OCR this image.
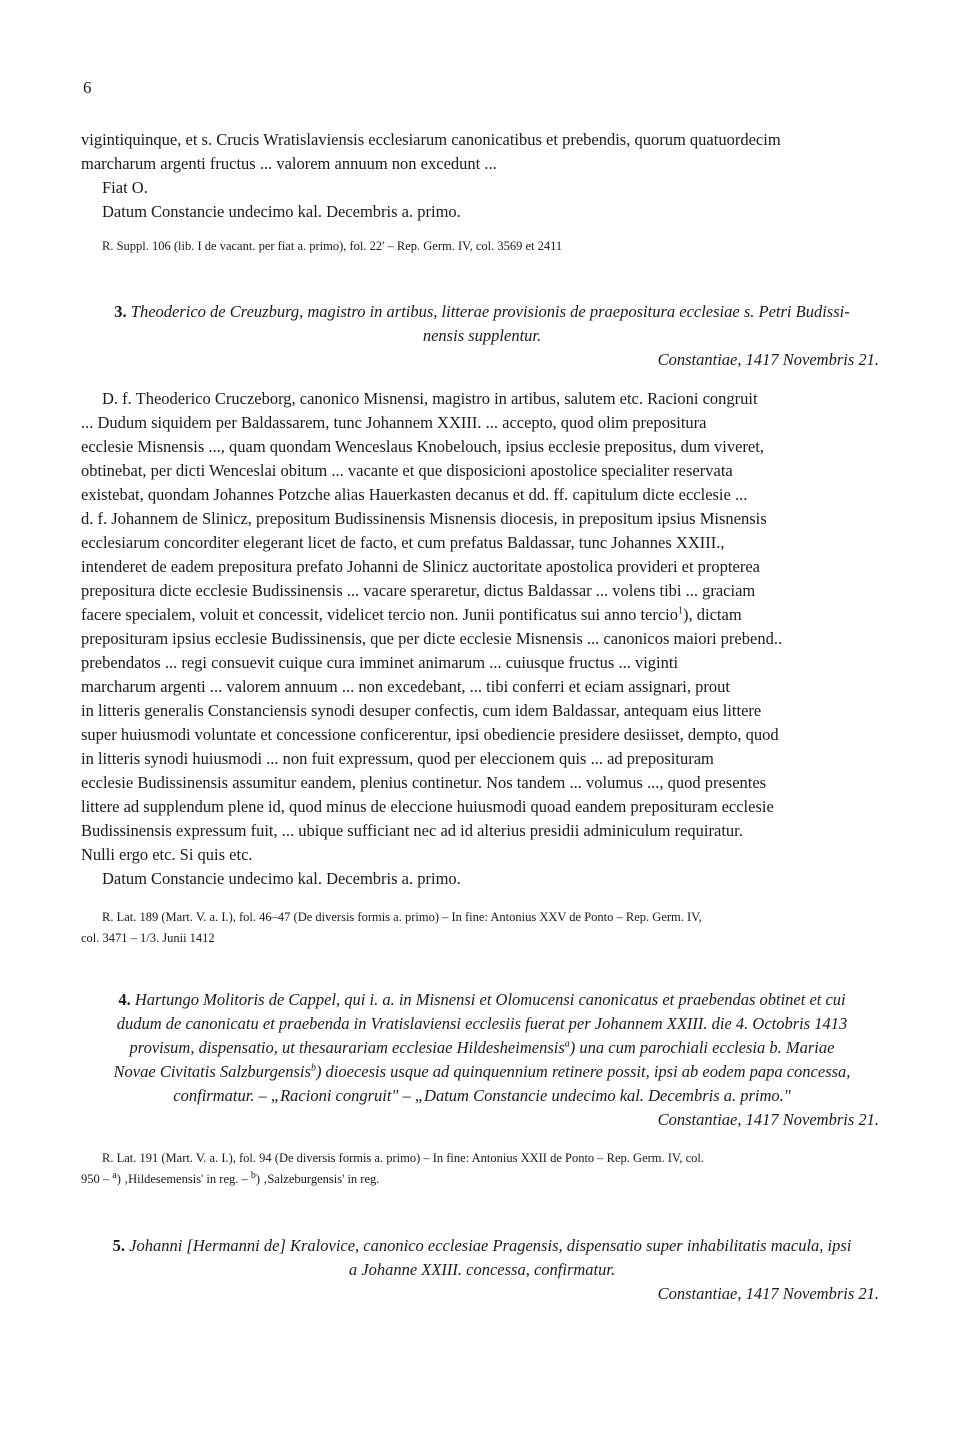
6

vigintiquinque, et s. Crucis Wratislaviensis ecclesiarum canonicatibus et prebendis, quorum quatuordecim

marcharum argenti fructus ... valorem annuum non excedunt ...

Fiat O.

Datum Constancie undecimo kal. Decembris a. primo.

R. Suppl. 106 (lib. I de vacant. per fiat a. primo), fol. 22' – Rep. Germ. IV, col. 3569 et 2411

3. Theoderico de Creuzburg, magistro in artibus, litterae provisionis de praepositura ecclesiae s. Petri Budissi-

nensis supplentur.

Constantiae, 1417 Novembris 21.

D. f. Theoderico Cruczeborg, canonico Misnensi, magistro in artibus, salutem etc. Racioni congruit

... Dudum siquidem per Baldassarem, tunc Johannem XXIII. ... accepto, quod olim prepositura

ecclesie Misnensis ..., quam quondam Wenceslaus Knobelouch, ipsius ecclesie prepositus, dum viveret,

obtinebat, per dicti Wenceslai obitum ... vacante et que disposicioni apostolice specialiter reservata

existebat, quondam Johannes Potzche alias Hauerkasten decanus et dd. ff. capitulum dicte ecclesie ...

d. f. Johannem de Slinicz, prepositum Budissinensis Misnensis diocesis, in prepositum ipsius Misnensis

ecclesiarum concorditer elegerant licet de facto, et cum prefatus Baldassar, tunc Johannes XXIII.,

intenderet de eadem prepositura prefato Johanni de Slinicz auctoritate apostolica provideri et propterea

prepositura dicte ecclesie Budissinensis ... vacare speraretur, dictus Baldassar ... volens tibi ... graciam

facere specialem, voluit et concessit, videlicet tercio non. Junii pontificatus sui anno tercio$^1$), dictam

preposituram ipsius ecclesie Budissinensis, que per dicte ecclesie Misnensis ... canonicos maiori prebend..

prebendatos ... regi consuevit cuique cura imminet animarum ... cuiusque fructus ... viginti

marcharum argenti ... valorem annuum ... non excedebant, ... tibi conferri et eciam assignari, prout

in litteris generalis Constanciensis synodi desuper confectis, cum idem Baldassar, antequam eius littere

super huiusmodi voluntate et concessione conficerentur, ipsi obediencie presidere desiisset, dempto, quod

in litteris synodi huiusmodi ... non fuit expressum, quod per eleccionem quis ... ad preposituram

ecclesie Budissinensis assumitur eandem, plenius continetur. Nos tandem ... volumus ..., quod presentes

littere ad supplendum plene id, quod minus de eleccione huiusmodi quoad eandem preposituram ecclesie

Budissinensis expressum fuit, ... ubique sufficiant nec ad id alterius presidii adminiculum requiratur.

Nulli ergo etc. Si quis etc.

Datum Constancie undecimo kal. Decembris a. primo.

R. Lat. 189 (Mart. V. a. I.), fol. 46–47 (De diversis formis a. primo) – In fine: Antonius XXV de Ponto – Rep. Germ. IV,

col. 3471 – 1/3. Junii 1412

4. Hartungo Molitoris de Cappel, qui i. a. in Misnensi et Olomucensi canonicatus et praebendas obtinet et cui

dudum de canonicatu et praebenda in Vratislaviensi ecclesiis fuerat per Johannem XXIII. die 4. Octobris 1413

provisum, dispensatio, ut thesaurariam ecclesiae Hildesheimensis$^a$) una cum parochiali ecclesia b. Mariae

Novae Civitatis Salzburgensis$^b$) dioecesis usque ad quinquennium retinere possit, ipsi ab eodem papa concessa,

confirmatur. – „Racioni congruit" – „Datum Constancie undecimo kal. Decembris a. primo."

Constantiae, 1417 Novembris 21.

R. Lat. 191 (Mart. V. a. I.), fol. 94 (De diversis formis a. primo) – In fine: Antonius XXII de Ponto – Rep. Germ. IV, col.

950 – $^a$) ‚Hildesemensis' in reg. – $^b$) ‚Salzeburgensis' in reg.

5. Johanni [Hermanni de] Kralovice, canonico ecclesiae Pragensis, dispensatio super inhabilitatis macula, ipsi

a Johanne XXIII. concessa, confirmatur.

Constantiae, 1417 Novembris 21.
